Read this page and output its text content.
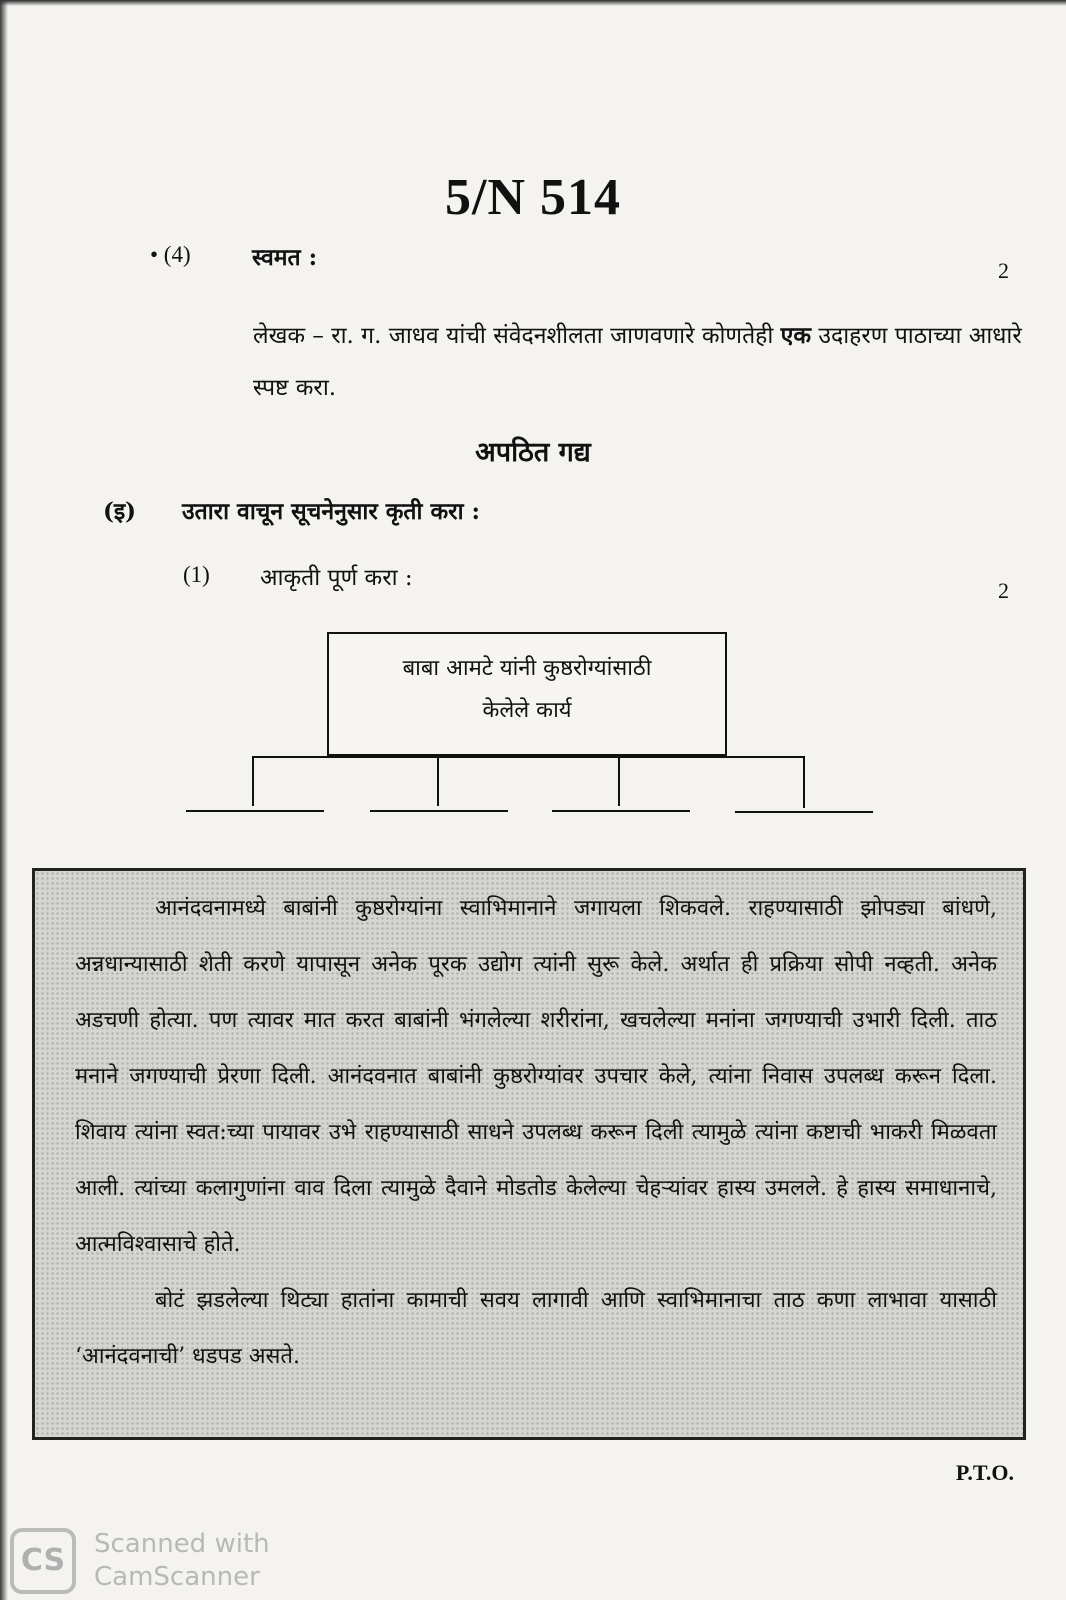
5/N 514
• (4)	स्वमत :	2
लेखक – रा. ग. जाधव यांची संवेदनशीलता जाणवणारे कोणतेही एक उदाहरण पाठाच्या आधारे स्पष्ट करा.
अपठित गद्य
(इ) उतारा वाचून सूचनेनुसार कृती करा :
(1) आकृती पूर्ण करा :	2
बाबा आमटे यांनी कुष्ठरोग्यांसाठी
केलेले कार्य

आनंदवनामध्ये बाबांनी कुष्ठरोग्यांना स्वाभिमानाने जगायला शिकवले. राहण्यासाठी झोपड्या बांधणे, अन्नधान्यासाठी शेती करणे यापासून अनेक पूरक उद्योग त्यांनी सुरू केले. अर्थात ही प्रक्रिया सोपी नव्हती. अनेक अडचणी होत्या. पण त्यावर मात करत बाबांनी भंगलेल्या शरीरांना, खचलेल्या मनांना जगण्याची उभारी दिली. ताठ मनाने जगण्याची प्रेरणा दिली. आनंदवनात बाबांनी कुष्ठरोग्यांवर उपचार केले, त्यांना निवास उपलब्ध करून दिला. शिवाय त्यांना स्वत:च्या पायावर उभे राहण्यासाठी साधने उपलब्ध करून दिली त्यामुळे त्यांना कष्टाची भाकरी मिळवता आली. त्यांच्या कलागुणांना वाव दिला त्यामुळे दैवाने मोडतोड केलेल्या चेहऱ्यांवर हास्य उमलले. हे हास्य समाधानाचे, आत्मविश्वासाचे होते.

बोटं झडलेल्या थिट्या हातांना कामाची सवय लागावी आणि स्वाभिमानाचा ताठ कणा लाभावा यासाठी ‘आनंदवनाची’ धडपड असते.

P.T.O.
CS	Scanned with
CamScanner
